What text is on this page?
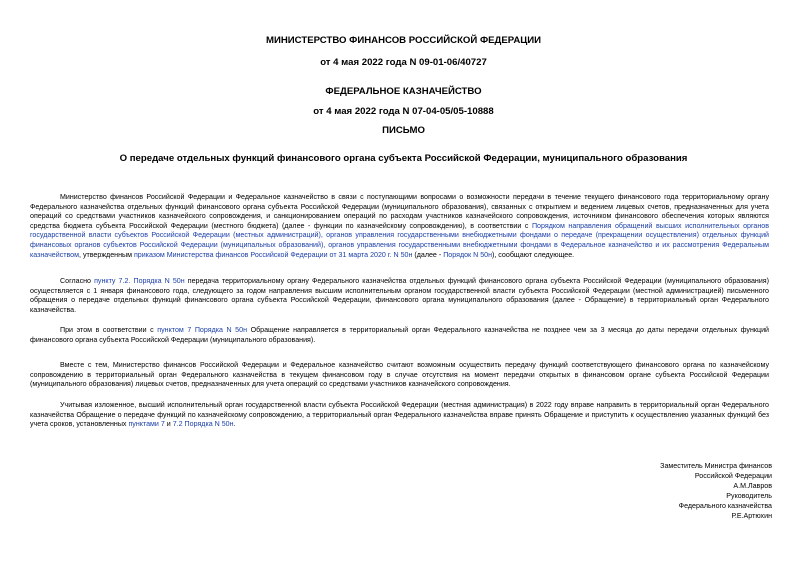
МИНИСТЕРСТВО ФИНАНСОВ РОССИЙСКОЙ ФЕДЕРАЦИИ
от 4 мая 2022 года N 09-01-06/40727
ФЕДЕРАЛЬНОЕ КАЗНАЧЕЙСТВО
от 4 мая 2022 года N 07-04-05/05-10888
ПИСЬМО
О передаче отдельных функций финансового органа субъекта Российской Федерации, муниципального образования

Министерство финансов Российской Федерации и Федеральное казначейство в связи с поступающими вопросами о возможности передачи в течение текущего финансового года территориальному органу Федерального казначейства отдельных функций финансового органа субъекта Российской Федерации (муниципального образования), связанных с открытием и ведением лицевых счетов, предназначенных для учета операций со средствами участников казначейского сопровождения, и санкционированием операций по расходам участников казначейского сопровождения, источником финансового обеспечения которых являются средства бюджета субъекта Российской Федерации (местного бюджета) (далее - функции по казначейскому сопровождению), в соответствии с Порядком направления обращений высших исполнительных органов государственной власти субъектов Российской Федерации (местных администраций), органов управления государственными внебюджетными фондами о передаче (прекращении осуществления) отдельных функций финансовых органов субъектов Российской Федерации (муниципальных образований), органов управления государственными внебюджетными фондами в Федеральное казначейство и их рассмотрения Федеральным казначейством, утвержденным приказом Министерства финансов Российской Федерации от 31 марта 2020 г. N 50н (далее - Порядок N 50н), сообщают следующее.

Согласно пункту 7.2. Порядка N 50н передача территориальному органу Федерального казначейства отдельных функций финансового органа субъекта Российской Федерации (муниципального образования) осуществляется с 1 января финансового года, следующего за годом направления высшим исполнительным органом государственной власти субъекта Российской Федерации (местной администрацией) письменного обращения о передаче отдельных функций финансового органа субъекта Российской Федерации, финансового органа муниципального образования (далее - Обращение) в территориальный орган Федерального казначейства.

При этом в соответствии с пунктом 7 Порядка N 50н Обращение направляется в территориальный орган Федерального казначейства не позднее чем за 3 месяца до даты передачи отдельных функций финансового органа субъекта Российской Федерации (муниципального образования).

Вместе с тем, Министерство финансов Российской Федерации и Федеральное казначейство считают возможным осуществить передачу функций соответствующего финансового органа по казначейскому сопровождению в территориальный орган Федерального казначейства в текущем финансовом году в случае отсутствия на момент передачи открытых в финансовом органе субъекта Российской Федерации (муниципального образования) лицевых счетов, предназначенных для учета операций со средствами участников казначейского сопровождения.

Учитывая изложенное, высший исполнительный орган государственной власти субъекта Российской Федерации (местная администрация) в 2022 году вправе направить в территориальный орган Федерального казначейства Обращение о передаче функций по казначейскому сопровождению, а территориальный орган Федерального казначейства вправе принять Обращение и приступить к осуществлению указанных функций без учета сроков, установленных пунктами 7 и 7.2 Порядка N 50н.

Заместитель Министра финансов
Российской Федерации
А.М.Лавров
Руководитель
Федерального казначейства
Р.Е.Артюхин
